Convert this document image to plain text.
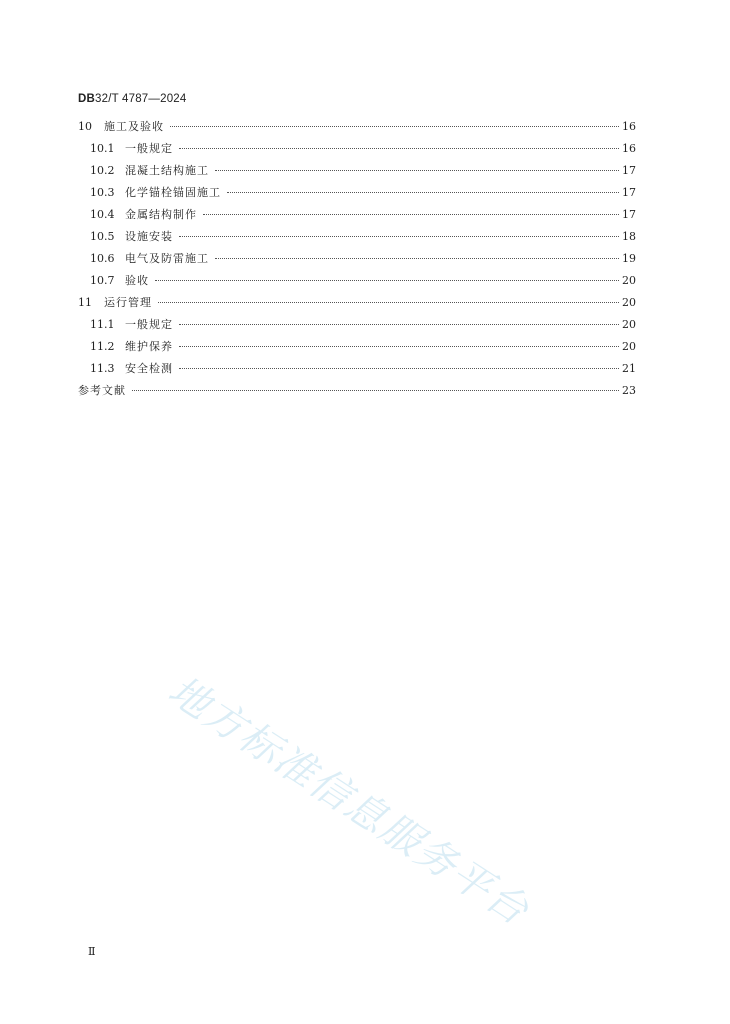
DB32/T 4787—2024
10	施工及验收	16
10.1 一般规定	16
10.2 混凝土结构施工	17
10.3 化学锚栓锚固施工	17
10.4 金属结构制作	17
10.5 设施安装	18
10.6 电气及防雷施工	19
10.7 验收	20
11	运行管理	20
11.1 一般规定	20
11.2 维护保养	20
11.3 安全检测	21
参考文献	23
地方标准信息服务平台
Ⅱ
